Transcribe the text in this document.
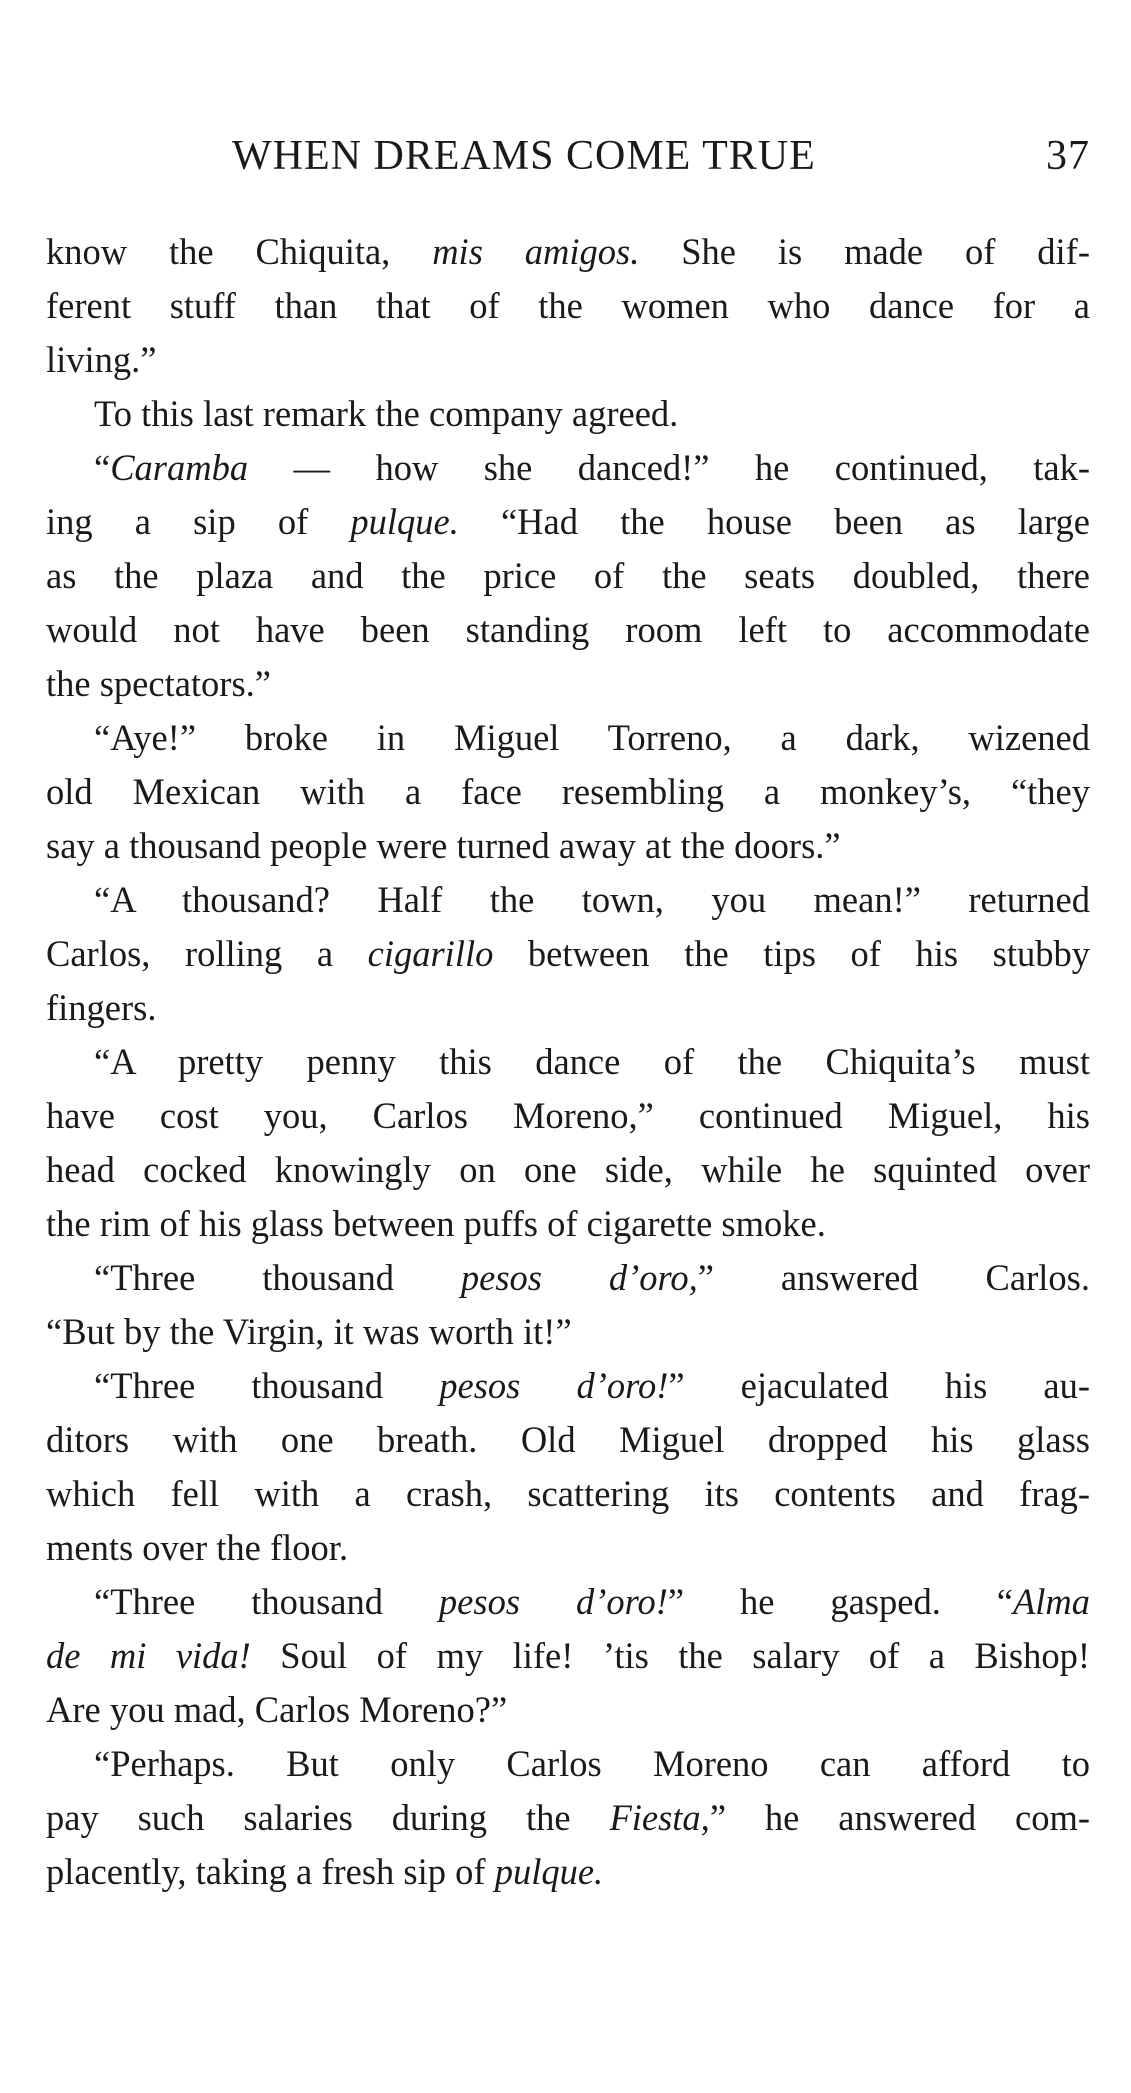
WHEN DREAMS COME TRUE	37
know the Chiquita, mis amigos. She is made of dif-
ferent stuff than that of the women who dance for a
living.”
To this last remark the company agreed.
“Caramba — how she danced!” he continued, tak-
ing a sip of pulque. “Had the house been as large
as the plaza and the price of the seats doubled, there
would not have been standing room left to accommodate
the spectators.”
“Aye!” broke in Miguel Torreno, a dark, wizened
old Mexican with a face resembling a monkey’s, “they
say a thousand people were turned away at the doors.”
“A thousand? Half the town, you mean!” returned
Carlos, rolling a cigarillo between the tips of his stubby
fingers.
“A pretty penny this dance of the Chiquita’s must
have cost you, Carlos Moreno,” continued Miguel, his
head cocked knowingly on one side, while he squinted over
the rim of his glass between puffs of cigarette smoke.
“Three thousand pesos d’oro,” answered Carlos.
“But by the Virgin, it was worth it!”
“Three thousand pesos d’oro!” ejaculated his au-
ditors with one breath. Old Miguel dropped his glass
which fell with a crash, scattering its contents and frag-
ments over the floor.
“Three thousand pesos d’oro!” he gasped. “Alma
de mi vida! Soul of my life! ’tis the salary of a Bishop!
Are you mad, Carlos Moreno?”
“Perhaps. But only Carlos Moreno can afford to
pay such salaries during the Fiesta,” he answered com-
placently, taking a fresh sip of pulque.
